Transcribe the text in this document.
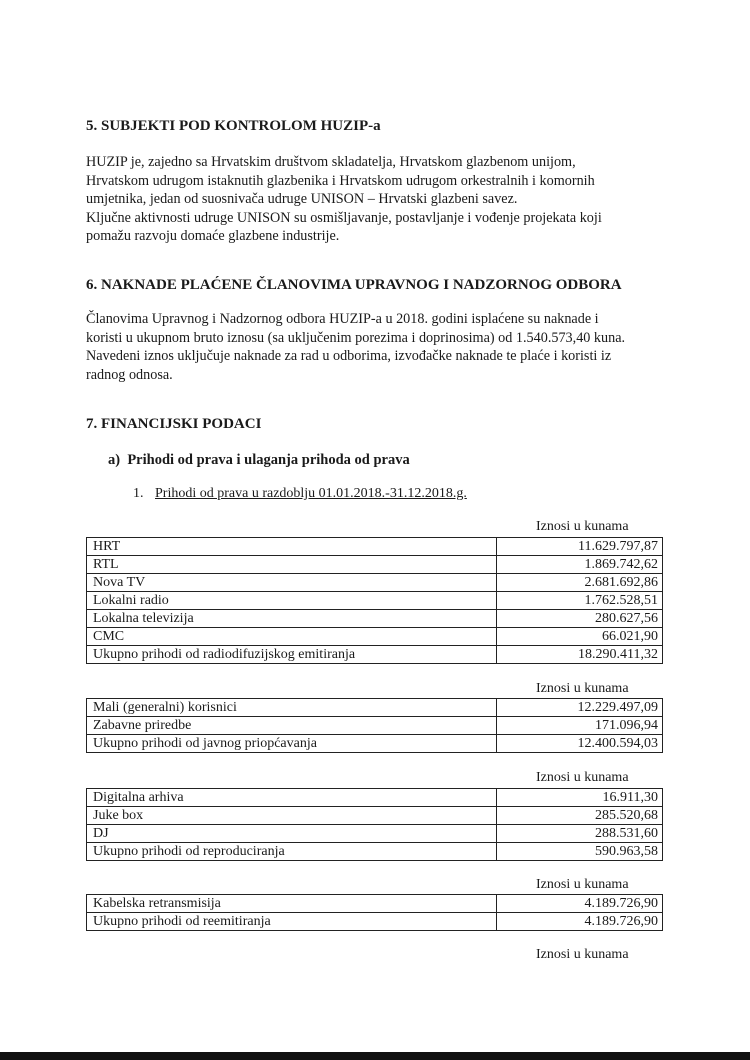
5. SUBJEKTI POD KONTROLOM HUZIP-a
HUZIP je, zajedno sa Hrvatskim društvom skladatelja, Hrvatskom glazbenom unijom,
Hrvatskom udrugom istaknutih glazbenika i Hrvatskom udrugom orkestralnih i komornih
umjetnika, jedan od suosnivača udruge UNISON – Hrvatski glazbeni savez.
Ključne aktivnosti udruge UNISON su osmišljavanje, postavljanje i vođenje projekata koji
pomažu razvoju domaće glazbene industrije.
6. NAKNADE PLAĆENE ČLANOVIMA UPRAVNOG I NADZORNOG ODBORA
Članovima Upravnog i Nadzornog odbora HUZIP-a u 2018. godini isplaćene su naknade i
koristi u ukupnom bruto iznosu (sa uključenim porezima i doprinosima) od 1.540.573,40 kuna.
Navedeni iznos uključuje naknade za rad u odborima, izvođačke naknade te plaće i koristi iz
radnog odnosa.
7. FINANCIJSKI PODACI
a)  Prihodi od prava i ulaganja prihoda od prava
1. Prihodi od prava u razdoblju 01.01.2018.-31.12.2018.g.
Iznosi u kunama
HRT	11.629.797,87
RTL	1.869.742,62
Nova TV	2.681.692,86
Lokalni radio	1.762.528,51
Lokalna televizija	280.627,56
CMC	66.021,90
Ukupno prihodi od radiodifuzijskog emitiranja	18.290.411,32
Iznosi u kunama
Mali (generalni) korisnici	12.229.497,09
Zabavne priredbe	171.096,94
Ukupno prihodi od javnog priopćavanja	12.400.594,03
Iznosi u kunama
Digitalna arhiva	16.911,30
Juke box	285.520,68
DJ	288.531,60
Ukupno prihodi od reproduciranja	590.963,58
Iznosi u kunama
Kabelska retransmisija	4.189.726,90
Ukupno prihodi od reemitiranja	4.189.726,90
Iznosi u kunama
